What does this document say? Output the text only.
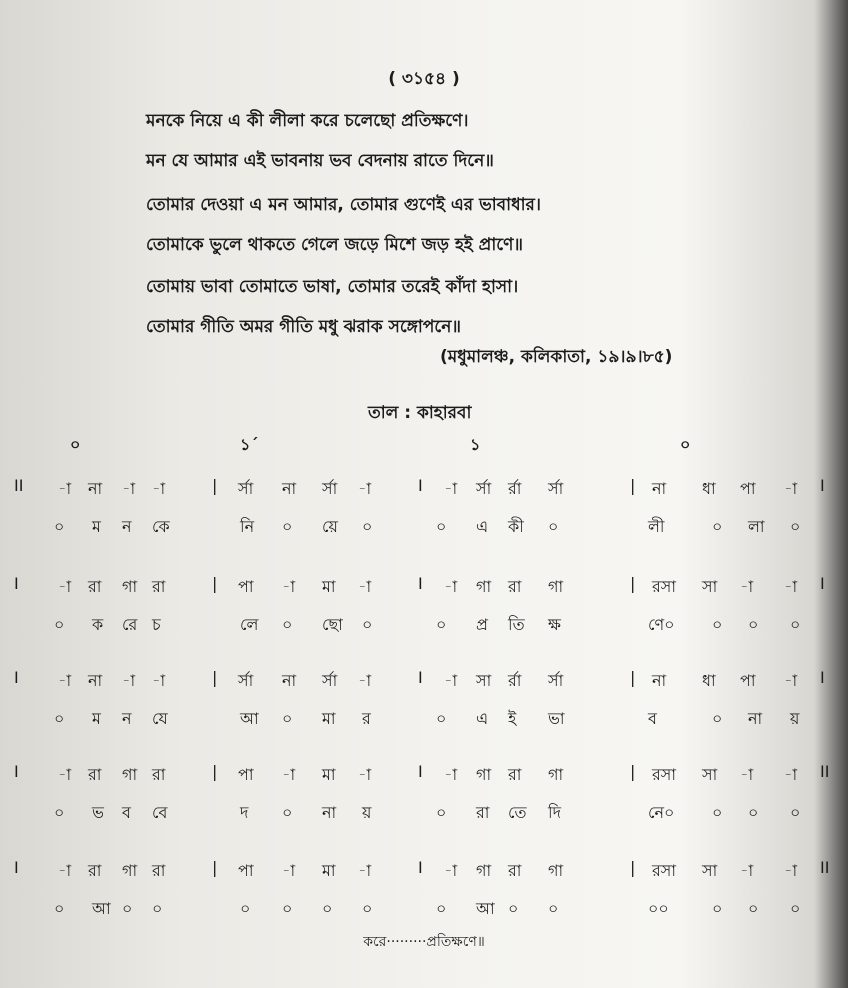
( ৩১৫৪ )
মনকে নিয়ে এ কী লীলা করে চলেছো প্রতিক্ষণে।
মন যে আমার এই ভাবনায় ভব বেদনায় রাতে দিনে॥
তোমার দেওয়া এ মন আমার, তোমার গুণেই এর ভাবাধার।
তোমাকে ভুলে থাকতে গেলে জড়ে মিশে জড় হই প্রাণে॥
তোমায় ভাবা তোমাতে ভাষা, তোমার তরেই কাঁদা হাসা।
তোমার গীতি অমর গীতি মধু ঝরাক সঙ্গোপনে॥
(মধুমালঞ্চ, কলিকাতা, ১৯।৯।৮৫)
তাল : কাহারবা
০	১´	১	০
II -া না -া -া	| র্সা না র্সা -া	I -া র্সা র্রা র্সা	| না ধা পা -া I
০ ম ন কে	নি ০ য়ে ০	০ এ কী ০	লী	০ লা ০
I -া রা গা রা	| পা -া মা -া	I -া গা রা গা	| রসা সা -া -া I
০ ক রে চ	লে ০ ছো ০	০ প্র তি ক্ষ	ণে০ ০ ০ ০
I -া না -া -া	| র্সা না র্সা -া	I -া সা র্রা র্সা	| না ধা পা -া I
০ ম ন যে	আ ০ মা র	০ এ ই ভা	ব	০ না য়
I -া রা গা রা	| পা -া মা -া	I -া গা রা গা	| রসা সা -া -া II
০ ভ ব বে	দ ০ না য়	০ রা তে দি	নে০ ০ ০ ০
I -া রা গা রা	| পা -া মা -া	I -া গা রা গা	| রসা সা -া -া II
০ আ ০ ০	০ ০ ০ ০	০ আ ০ ০	০০	০ ০ ০
করে·········প্রতিক্ষণে॥
